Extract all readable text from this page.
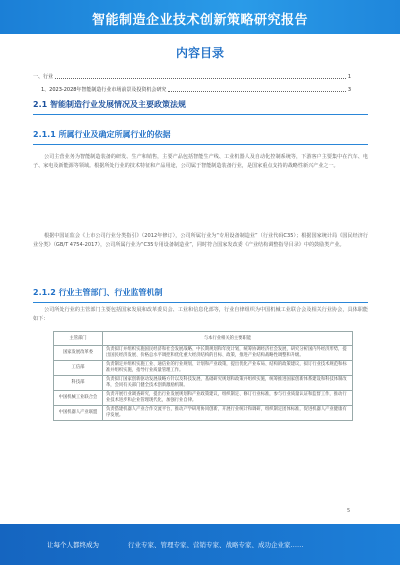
智能制造企业技术创新策略研究报告
内容目录
一、行业	1
1、2023-2028年智能制造行业市场前景及投资机会研究	3
2.1 智能制造行业发展情况及主要政策法规
2.1.1 所属行业及确定所属行业的依据
公司主营业务为智能制造装备的研发、生产和销售，主要产品包括智能生产线、工业机器人及自动化控制系统等，下游客户主要集中在汽车、电子、家电及新能源等领域。根据所处行业的技术特征和产品用途，公司属于智能制造装备行业，是国家重点支持的战略性新兴产业之一。
根据中国证监会《上市公司行业分类指引》（2012年修订），公司所属行业为“专用设备制造业”（行业代码C35）；根据国家统计局《国民经济行业分类》（GB/T 4754-2017），公司所属行业为“C35专用设备制造业”，同时符合国家发改委《产业结构调整指导目录》中的鼓励类产业。
2.1.2 行业主管部门、行业监管机制
公司所处行业的主管部门主要包括国家发展和改革委员会、工业和信息化部等，行业自律组织为中国机械工业联合会及相关行业协会，具体职能如下：
主管部门	与本行业相关的主要职能
国家发展改革委	负责拟订并组织实施国民经济和社会发展战略、中长期规划和年度计划，统筹协调经济社会发展，研究分析国内外经济形势，提出国民经济发展、价格总水平调控和优化重大经济结构的目标、政策，推进产业结构战略性调整和升级。
工信部	负责制定并组织实施工业、通信业的行业规划、计划和产业政策，提出优化产业布局、结构的政策建议，拟订行业技术规范和标准并组织实施，指导行业质量管理工作。
科技部	负责拟订国家创新驱动发展战略方针以及科技发展、基础研究规划和政策并组织实施，统筹推进国家创新体系建设和科技体制改革，会同有关部门健全技术创新激励机制。
中国机械工业联合会	负责开展行业调查研究，提出行业发展规划和产业政策建议，组织制定、修订行业标准，参与行业质量认证和监督工作，推动行业技术进步和企业管理现代化，加强行业自律。
中国机器人产业联盟	负责搭建机器人产业合作交流平台，推动产学研用协同创新，开展行业统计和调研，组织制定团体标准，促进机器人产业健康有序发展。
5
让每个人都终成为	行业专家、管理专家、营销专家、战略专家、成功企业家……
